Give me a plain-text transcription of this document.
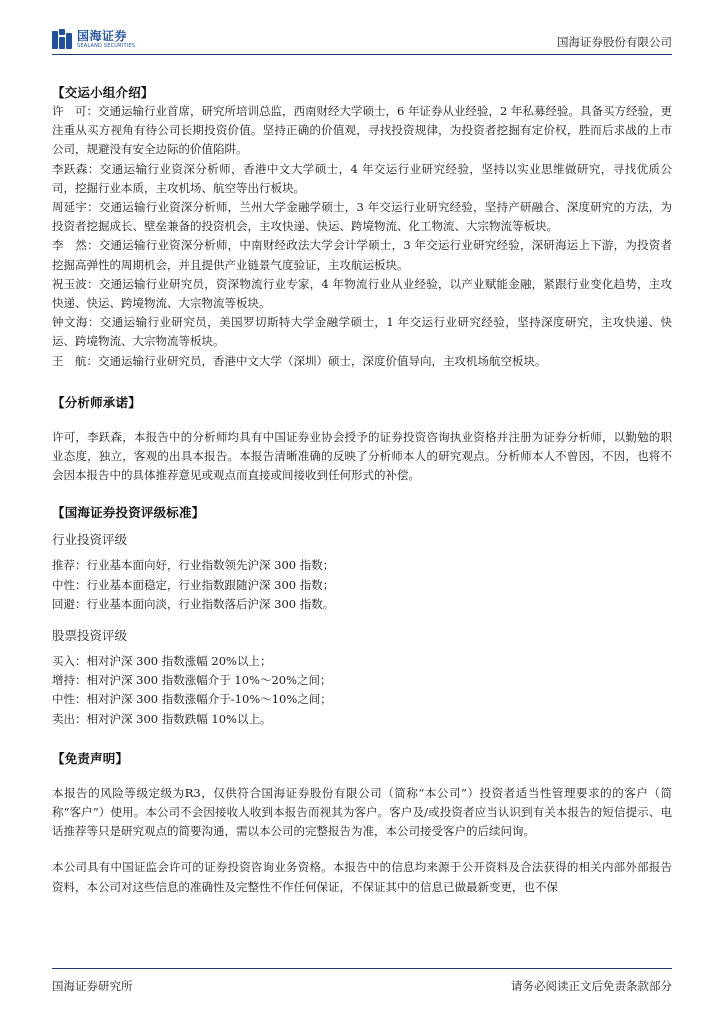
国海证券
SEALAND SECURITIES	国海证券股份有限公司
【交运小组介绍】

许　可：交通运输行业首席，研究所培训总监，西南财经大学硕士，6 年证券从业经验，2 年私募经验。具备买方经验，更注重从买方视角有待公司长期投资价值。坚持正确的价值观，寻找投资规律，为投资者挖掘有定价权，胜而后求战的上市公司，规避没有安全边际的价值陷阱。

李跃森：交通运输行业资深分析师，香港中文大学硕士，4 年交运行业研究经验，坚持以实业思维做研究，寻找优质公司，挖掘行业本质，主攻机场、航空等出行板块。

周延宇：交通运输行业资深分析师，兰州大学金融学硕士，3 年交运行业研究经验，坚持产研融合、深度研究的方法，为投资者挖掘成长、壁垒兼备的投资机会，主攻快递、快运、跨境物流、化工物流、大宗物流等板块。

李　然：交通运输行业资深分析师，中南财经政法大学会计学硕士，3 年交运行业研究经验，深研海运上下游，为投资者挖掘高弹性的周期机会，并且提供产业链景气度验证，主攻航运板块。

祝玉波：交通运输行业研究员，资深物流行业专家，4 年物流行业从业经验，以产业赋能金融，紧跟行业变化趋势，主攻快递、快运、跨境物流、大宗物流等板块。

钟文海：交通运输行业研究员，美国罗切斯特大学金融学硕士，1 年交运行业研究经验，坚持深度研究，主攻快递、快运、跨境物流、大宗物流等板块。

王　航：交通运输行业研究员，香港中文大学（深圳）硕士，深度价值导向，主攻机场航空板块。

【分析师承诺】

许可，李跃森，本报告中的分析师均具有中国证券业协会授予的证券投资咨询执业资格并注册为证券分析师，以勤勉的职业态度，独立，客观的出具本报告。本报告清晰准确的反映了分析师本人的研究观点。分析师本人不曾因，不因，也将不会因本报告中的具体推荐意见或观点而直接或间接收到任何形式的补偿。

【国海证券投资评级标准】
行业投资评级

推荐：行业基本面向好，行业指数领先沪深 300 指数；

中性：行业基本面稳定，行业指数跟随沪深 300 指数；

回避：行业基本面向淡，行业指数落后沪深 300 指数。

股票投资评级

买入：相对沪深 300 指数涨幅 20%以上；

增持：相对沪深 300 指数涨幅介于 10%～20%之间；

中性：相对沪深 300 指数涨幅介于-10%～10%之间；

卖出：相对沪深 300 指数跌幅 10%以上。

【免责声明】

本报告的风险等级定级为R3，仅供符合国海证券股份有限公司（简称“本公司”）投资者适当性管理要求的的客户（简称“客户”）使用。本公司不会因接收人收到本报告而视其为客户。客户及/或投资者应当认识到有关本报告的短信提示、电话推荐等只是研究观点的简要沟通，需以本公司的完整报告为准，本公司接受客户的后续问询。

本公司具有中国证监会许可的证券投资咨询业务资格。本报告中的信息均来源于公开资料及合法获得的相关内部外部报告资料，本公司对这些信息的准确性及完整性不作任何保证，不保证其中的信息已做最新变更，也不保

国海证券研究所	请务必阅读正文后免责条款部分
